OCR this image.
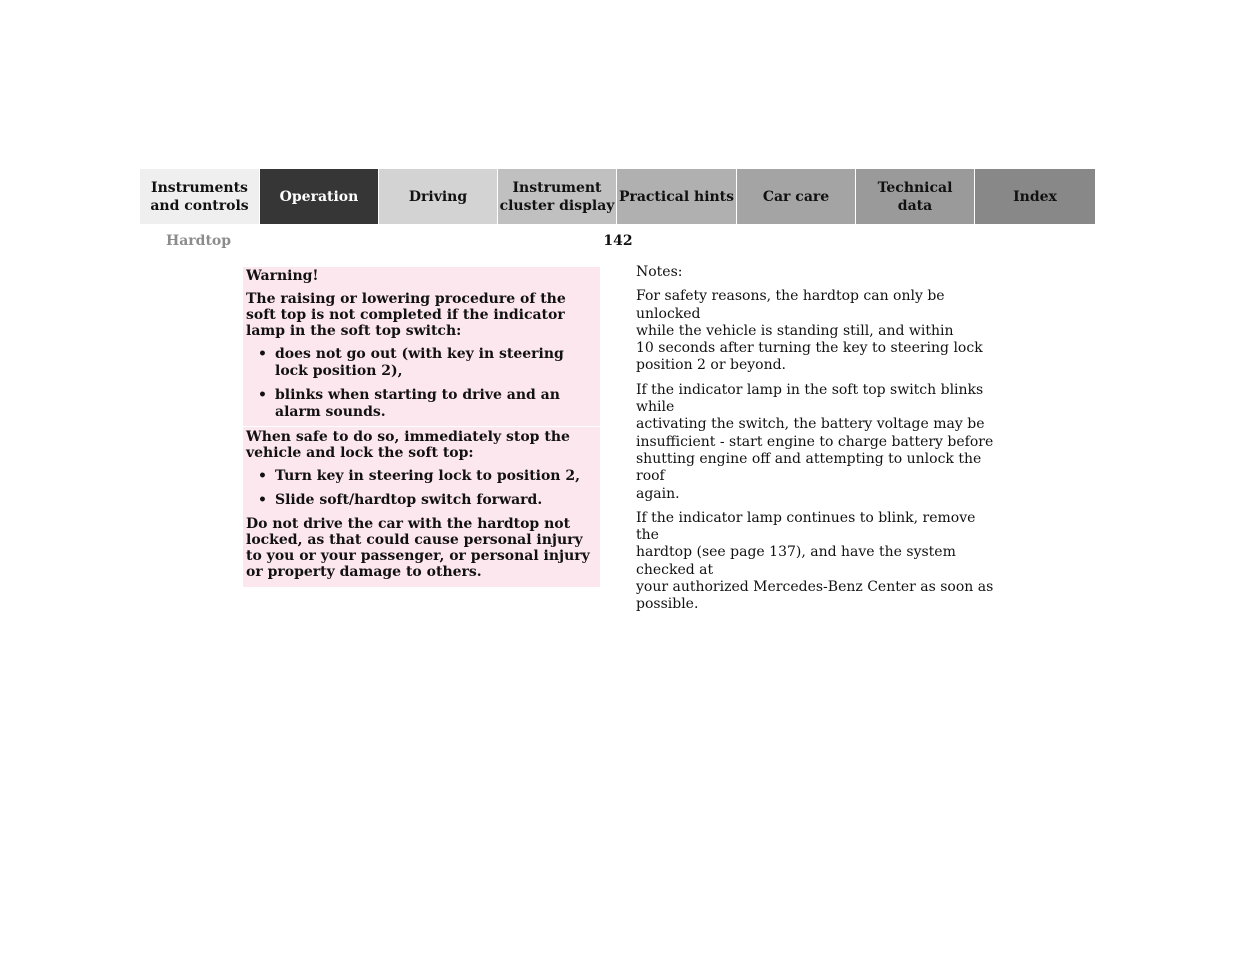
Instruments
and controls
Operation	Driving
Instrument
cluster display
Practical hints	Car care
Technical
data
Index
Hardtop	142

Warning!

The raising or lowering procedure of the soft top is not completed if the indicator lamp in the soft top switch:

• does not go out (with key in steering lock position 2),
• blinks when starting to drive and an alarm sounds.

When safe to do so, immediately stop the vehicle and lock the soft top:

• Turn key in steering lock to position 2,
• Slide soft/hardtop switch forward.

Do not drive the car with the hardtop not locked, as that could cause personal injury to you or your passenger, or personal injury or property damage to others.

Notes:

For safety reasons, the hardtop can only be unlocked
while the vehicle is standing still, and within
10 seconds after turning the key to steering lock
position 2 or beyond.

If the indicator lamp in the soft top switch blinks while
activating the switch, the battery voltage may be
insufficient - start engine to charge battery before
shutting engine off and attempting to unlock the roof
again.

If the indicator lamp continues to blink, remove the
hardtop (see page 137), and have the system checked at
your authorized Mercedes-Benz Center as soon as
possible.
